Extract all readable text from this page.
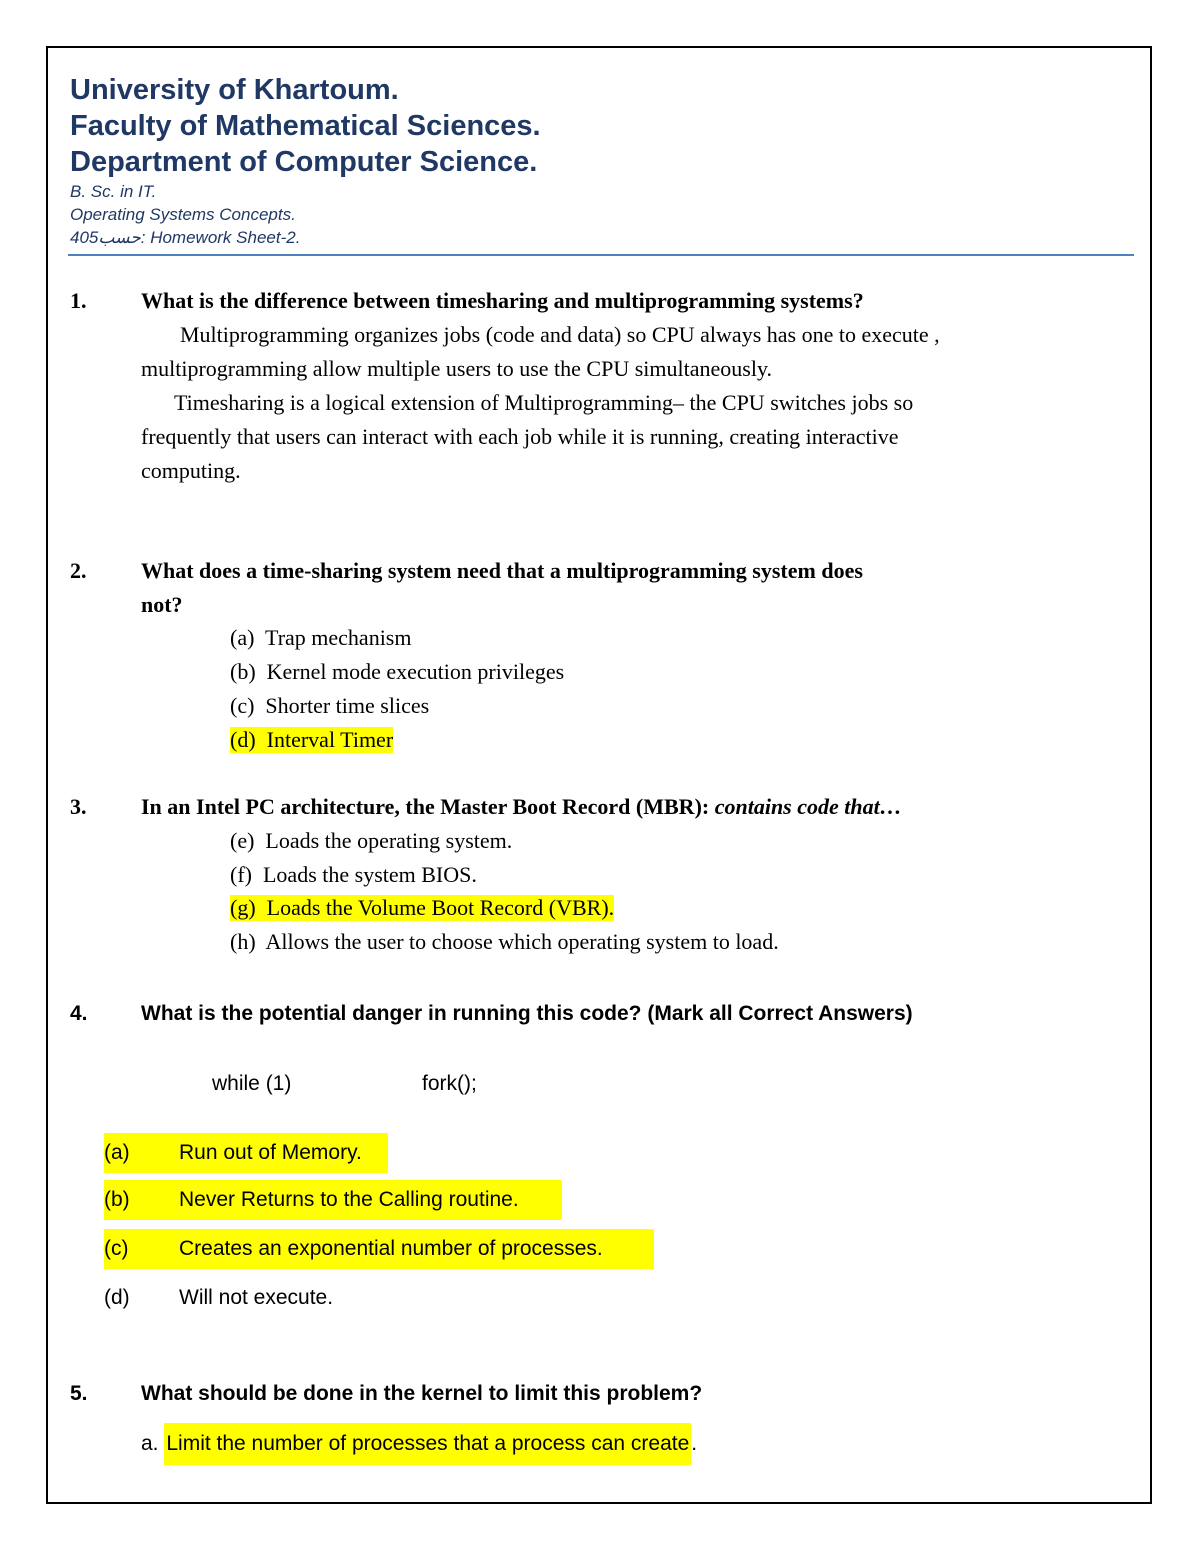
University of Khartoum.
Faculty of Mathematical Sciences.
Department of Computer Science.
B. Sc. in IT.
Operating Systems Concepts.
حسب405: Homework Sheet-2.
1. What is the difference between timesharing and multiprogramming systems?
Multiprogramming organizes jobs (code and data) so CPU always has one to execute ,
multiprogramming allow multiple users to use the CPU simultaneously.
Timesharing is a logical extension of Multiprogramming– the CPU switches jobs so
frequently that users can interact with each job while it is running, creating interactive
computing.
2. What does a time-sharing system need that a multiprogramming system does
not?
(a) Trap mechanism
(b) Kernel mode execution privileges
(c) Shorter time slices
(d) Interval Timer
3. In an Intel PC architecture, the Master Boot Record (MBR): contains code that…
(e) Loads the operating system.
(f) Loads the system BIOS.
(g) Loads the Volume Boot Record (VBR).
(h) Allows the user to choose which operating system to load.
4.	What is the potential danger in running this code? (Mark all Correct Answers)
while (1)	fork();
(a) Run out of Memory.
(b) Never Returns to the Calling routine.
(c) Creates an exponential number of processes.
(d) Will not execute.
5.	What should be done in the kernel to limit this problem?
a. Limit the number of processes that a process can create.
